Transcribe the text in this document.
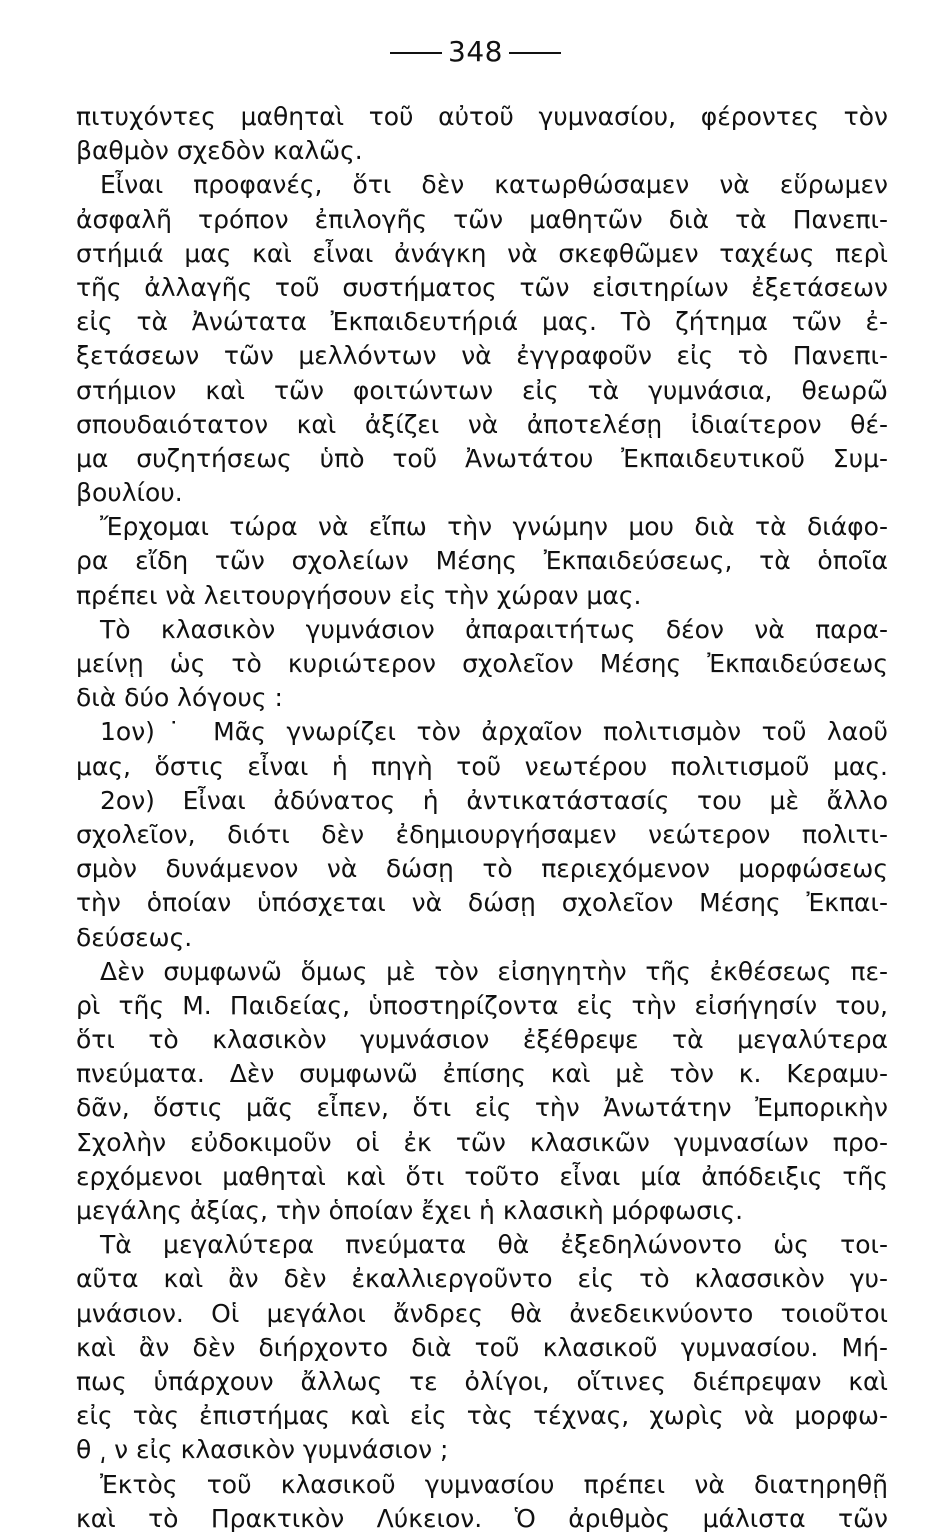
348
πιτυχόντες μαθηταὶ τοῦ αὐτοῦ γυμνασίου, φέροντες τὸν
βαθμὸν σχεδὸν καλῶς.
Εἶναι προφανές, ὅτι δὲν κατωρθώσαμεν νὰ εὕρωμεν
ἀσφαλῆ τρόπον ἐπιλογῆς τῶν μαθητῶν διὰ τὰ Πανεπι-
στήμιά μας καὶ εἶναι ἀνάγκη νὰ σκεφθῶμεν ταχέως περὶ
τῆς ἀλλαγῆς τοῦ συστήματος τῶν εἰσιτηρίων ἐξετάσεων
εἰς τὰ Ἀνώτατα Ἐκπαιδευτήριά μας. Τὸ ζήτημα τῶν ἐ-
ξετάσεων τῶν μελλόντων νὰ ἐγγραφοῦν εἰς τὸ Πανεπι-
στήμιον καὶ τῶν φοιτώντων εἰς τὰ γυμνάσια, θεωρῶ
σπουδαιότατον καὶ ἀξίζει νὰ ἀποτελέσῃ ἰδιαίτερον θέ-
μα συζητήσεως ὑπὸ τοῦ Ἀνωτάτου Ἐκπαιδευτικοῦ Συμ-
βουλίου.
Ἔρχομαι τώρα νὰ εἴπω τὴν γνώμην μου διὰ τὰ διάφο-
ρα εἴδη τῶν σχολείων Μέσης Ἐκπαιδεύσεως, τὰ ὁποῖα
πρέπει νὰ λειτουργήσουν εἰς τὴν χώραν μας.
Τὸ κλασικὸν γυμνάσιον ἀπαραιτήτως δέον νὰ παρα-
μείνῃ ὡς τὸ κυριώτερον σχολεῖον Μέσης Ἐκπαιδεύσεως
διὰ δύο λόγους :
1ον)˙ Μᾶς γνωρίζει τὸν ἀρχαῖον πολιτισμὸν τοῦ λαοῦ
μας, ὅστις εἶναι ἡ πηγὴ τοῦ νεωτέρου πολιτισμοῦ μας.
2ον) Εἶναι ἀδύνατος ἡ ἀντικατάστασίς του μὲ ἄλλο
σχολεῖον, διότι δὲν ἐδημιουργήσαμεν νεώτερον πολιτι-
σμὸν δυνάμενον νὰ δώσῃ τὸ περιεχόμενον μορφώσεως
τὴν ὁποίαν ὑπόσχεται νὰ δώσῃ σχολεῖον Μέσης Ἐκπαι-
δεύσεως.
Δὲν συμφωνῶ ὅμως μὲ τὸν εἰσηγητὴν τῆς ἐκθέσεως πε-
ρὶ τῆς Μ. Παιδείας, ὑποστηρίζοντα εἰς τὴν εἰσήγησίν του,
ὅτι τὸ κλασικὸν γυμνάσιον ἐξέθρεψε τὰ μεγαλύτερα
πνεύματα. Δὲν συμφωνῶ ἐπίσης καὶ μὲ τὸν κ. Κεραμυ-
δᾶν, ὅστις μᾶς εἶπεν, ὅτι εἰς τὴν Ἀνωτάτην Ἐμπορικὴν
Σχολὴν εὐδοκιμοῦν οἱ ἐκ τῶν κλασικῶν γυμνασίων προ-
ερχόμενοι μαθηταὶ καὶ ὅτι τοῦτο εἶναι μία ἀπόδειξις τῆς
μεγάλης ἀξίας, τὴν ὁποίαν ἔχει ἡ κλασικὴ μόρφωσις.
Τὰ μεγαλύτερα πνεύματα θὰ ἐξεδηλώνοντο ὡς τοι-
αῦτα καὶ ἂν δὲν ἐκαλλιεργοῦντο εἰς τὸ κλασσικὸν γυ-
μνάσιον. Οἱ μεγάλοι ἄνδρες θὰ ἀνεδεικνύοντο τοιοῦτοι
καὶ ἂν δὲν διήρχοντο διὰ τοῦ κλασικοῦ γυμνασίου. Μή-
πως ὑπάρχουν ἄλλως τε ὀλίγοι, οἵτινες διέπρεψαν καὶ
εἰς τὰς ἐπιστήμας καὶ εἰς τὰς τέχνας, χωρὶς νὰ μορφω-
θ ͵ ν εἰς κλασικὸν γυμνάσιον ;
Ἐκτὸς τοῦ κλασικοῦ γυμνασίου πρέπει νὰ διατηρηθῇ
καὶ τὸ Πρακτικὸν Λύκειον. Ὁ ἀριθμὸς μάλιστα τῶν
